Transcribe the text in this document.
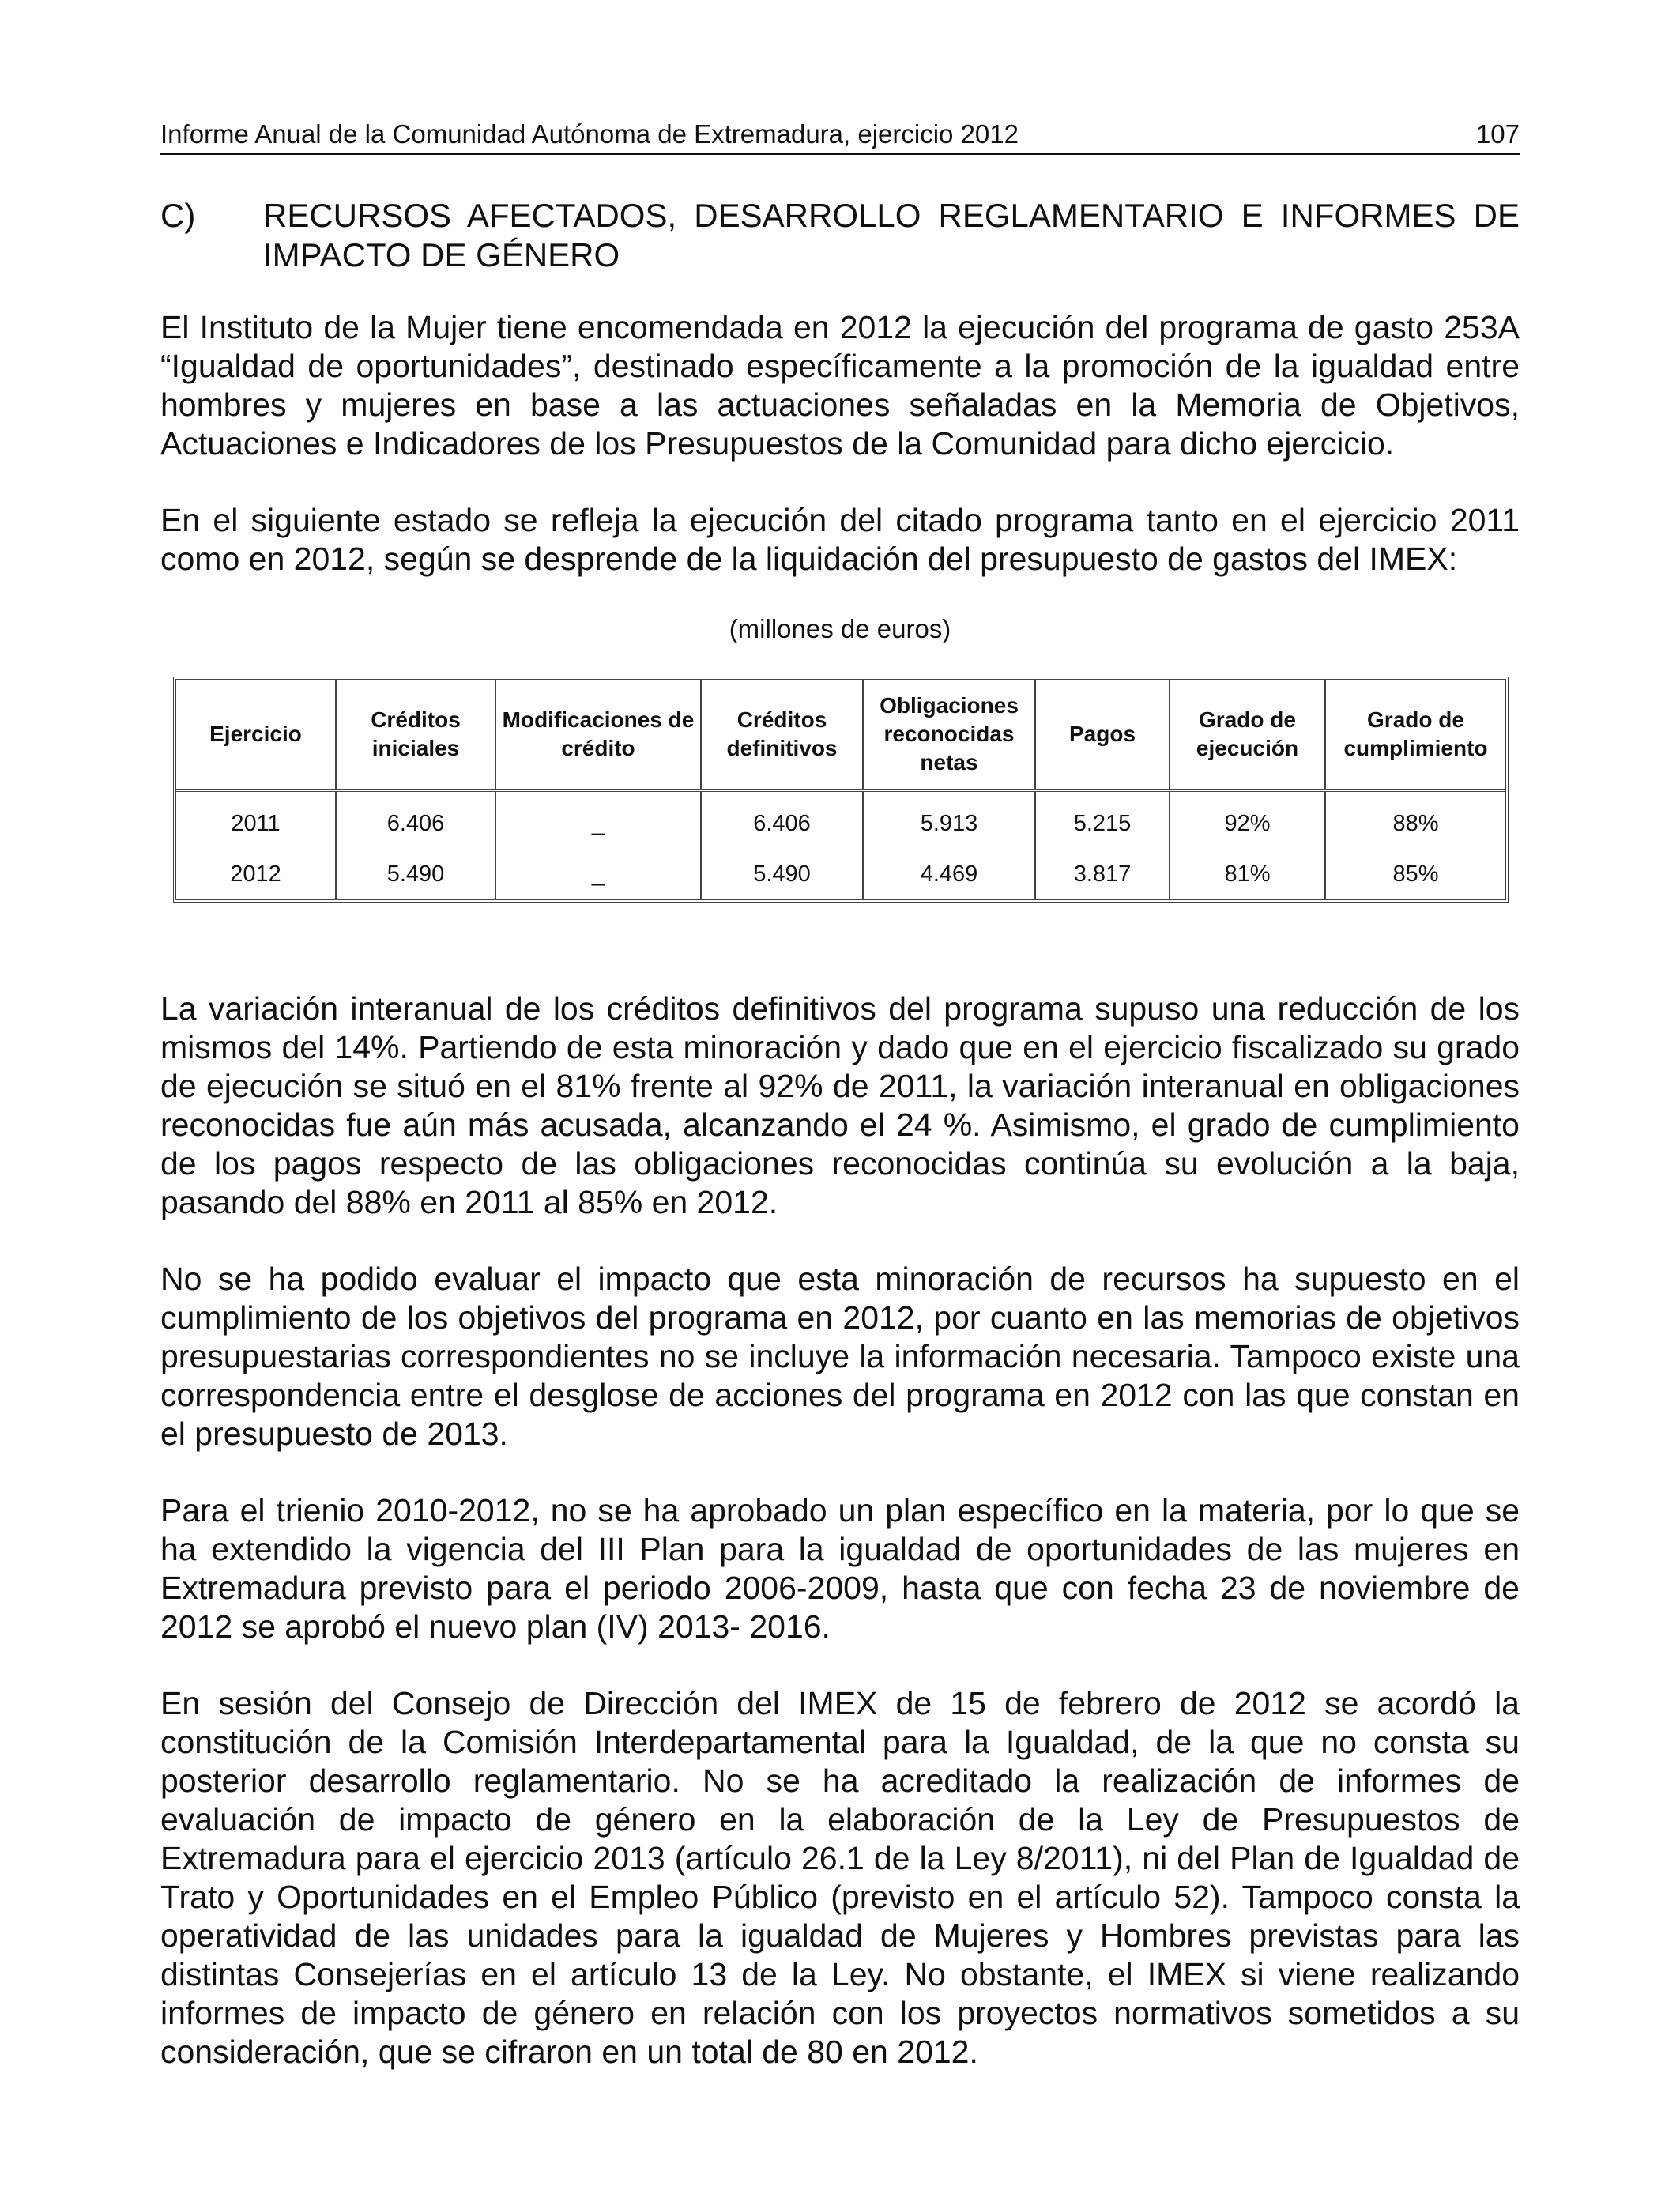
Informe Anual de la Comunidad Autónoma de Extremadura, ejercicio 2012	107
C)	RECURSOS AFECTADOS, DESARROLLO REGLAMENTARIO E INFORMES DE IMPACTO DE GÉNERO

El Instituto de la Mujer tiene encomendada en 2012 la ejecución del programa de gasto 253A “Igualdad de oportunidades”, destinado específicamente a la promoción de la igualdad entre hombres y mujeres en base a las actuaciones señaladas en la Memoria de Objetivos, Actuaciones e Indicadores de los Presupuestos de la Comunidad para dicho ejercicio.

En el siguiente estado se refleja la ejecución del citado programa tanto en el ejercicio 2011 como en 2012, según se desprende de la liquidación del presupuesto de gastos del IMEX:

(millones de euros)
Ejercicio	Créditos iniciales	Modificaciones de crédito	Créditos definitivos	Obligaciones reconocidas netas	Pagos	Grado de ejecución	Grado de cumplimiento
2011	6.406	_	6.406	5.913	5.215	92%	88%
2012	5.490	_	5.490	4.469	3.817	81%	85%

La variación interanual de los créditos definitivos del programa supuso una reducción de los mismos del 14%. Partiendo de esta minoración y dado que en el ejercicio fiscalizado su grado de ejecución se situó en el 81% frente al 92% de 2011, la variación interanual en obligaciones reconocidas fue aún más acusada, alcanzando el 24 %. Asimismo, el grado de cumplimiento de los pagos respecto de las obligaciones reconocidas continúa su evolución a la baja, pasando del 88% en 2011 al 85% en 2012.

No se ha podido evaluar el impacto que esta minoración de recursos ha supuesto en el cumplimiento de los objetivos del programa en 2012, por cuanto en las memorias de objetivos presupuestarias correspondientes no se incluye la información necesaria. Tampoco existe una correspondencia entre el desglose de acciones del programa en 2012 con las que constan en el presupuesto de 2013.

Para el trienio 2010-2012, no se ha aprobado un plan específico en la materia, por lo que se ha extendido la vigencia del III Plan para la igualdad de oportunidades de las mujeres en Extremadura previsto para el periodo 2006-2009, hasta que con fecha 23 de noviembre de 2012 se aprobó el nuevo plan (IV) 2013- 2016.

En sesión del Consejo de Dirección del IMEX de 15 de febrero de 2012 se acordó la constitución de la Comisión Interdepartamental para la Igualdad, de la que no consta su posterior desarrollo reglamentario. No se ha acreditado la realización de informes de evaluación de impacto de género en la elaboración de la Ley de Presupuestos de Extremadura para el ejercicio 2013 (artículo 26.1 de la Ley 8/2011), ni del Plan de Igualdad de Trato y Oportunidades en el Empleo Público (previsto en el artículo 52). Tampoco consta la operatividad de las unidades para la igualdad de Mujeres y Hombres previstas para las distintas Consejerías en el artículo 13 de la Ley. No obstante, el IMEX si viene realizando informes de impacto de género en relación con los proyectos normativos sometidos a su consideración, que se cifraron en un total de 80 en 2012.
